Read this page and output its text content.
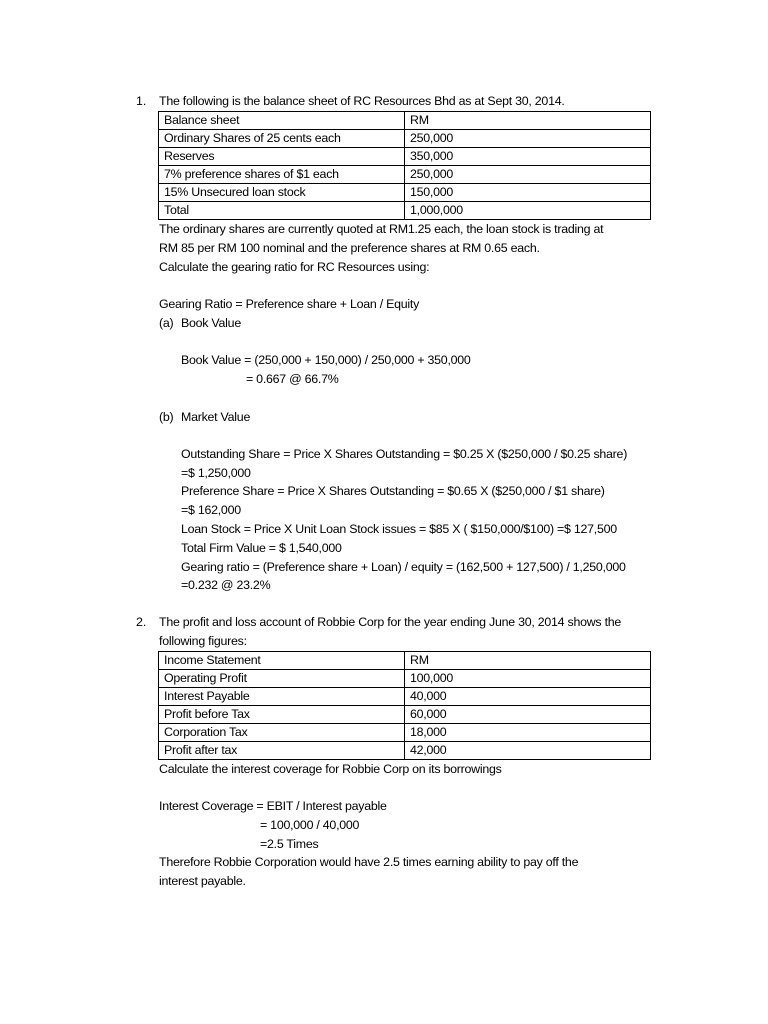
1. The following is the balance sheet of RC Resources Bhd as at Sept 30, 2014.
Balance sheet	RM
Ordinary Shares of 25 cents each	250,000
Reserves	350,000
7% preference shares of $1 each	250,000
15% Unsecured loan stock	150,000
Total	1,000,000
The ordinary shares are currently quoted at RM1.25 each, the loan stock is trading at
RM 85 per RM 100 nominal and the preference shares at RM 0.65 each.
Calculate the gearing ratio for RC Resources using:
Gearing Ratio = Preference share + Loan / Equity
(a) Book Value
Book Value = (250,000 + 150,000) / 250,000 + 350,000
= 0.667 @ 66.7%
(b) Market Value
Outstanding Share = Price X Shares Outstanding = $0.25 X ($250,000 / $0.25 share)
=$ 1,250,000
Preference Share = Price X Shares Outstanding = $0.65 X ($250,000 / $1 share)
=$ 162,000
Loan Stock = Price X Unit Loan Stock issues = $85 X ( $150,000/$100) =$ 127,500
Total Firm Value = $ 1,540,000
Gearing ratio = (Preference share + Loan) / equity = (162,500 + 127,500) / 1,250,000
=0.232 @ 23.2%
2. The profit and loss account of Robbie Corp for the year ending June 30, 2014 shows the
following figures:
Income Statement	RM
Operating Profit	100,000
Interest Payable	40,000
Profit before Tax	60,000
Corporation Tax	18,000
Profit after tax	42,000
Calculate the interest coverage for Robbie Corp on its borrowings
Interest Coverage = EBIT / Interest payable
= 100,000 / 40,000
=2.5 Times
Therefore Robbie Corporation would have 2.5 times earning ability to pay off the
interest payable.
